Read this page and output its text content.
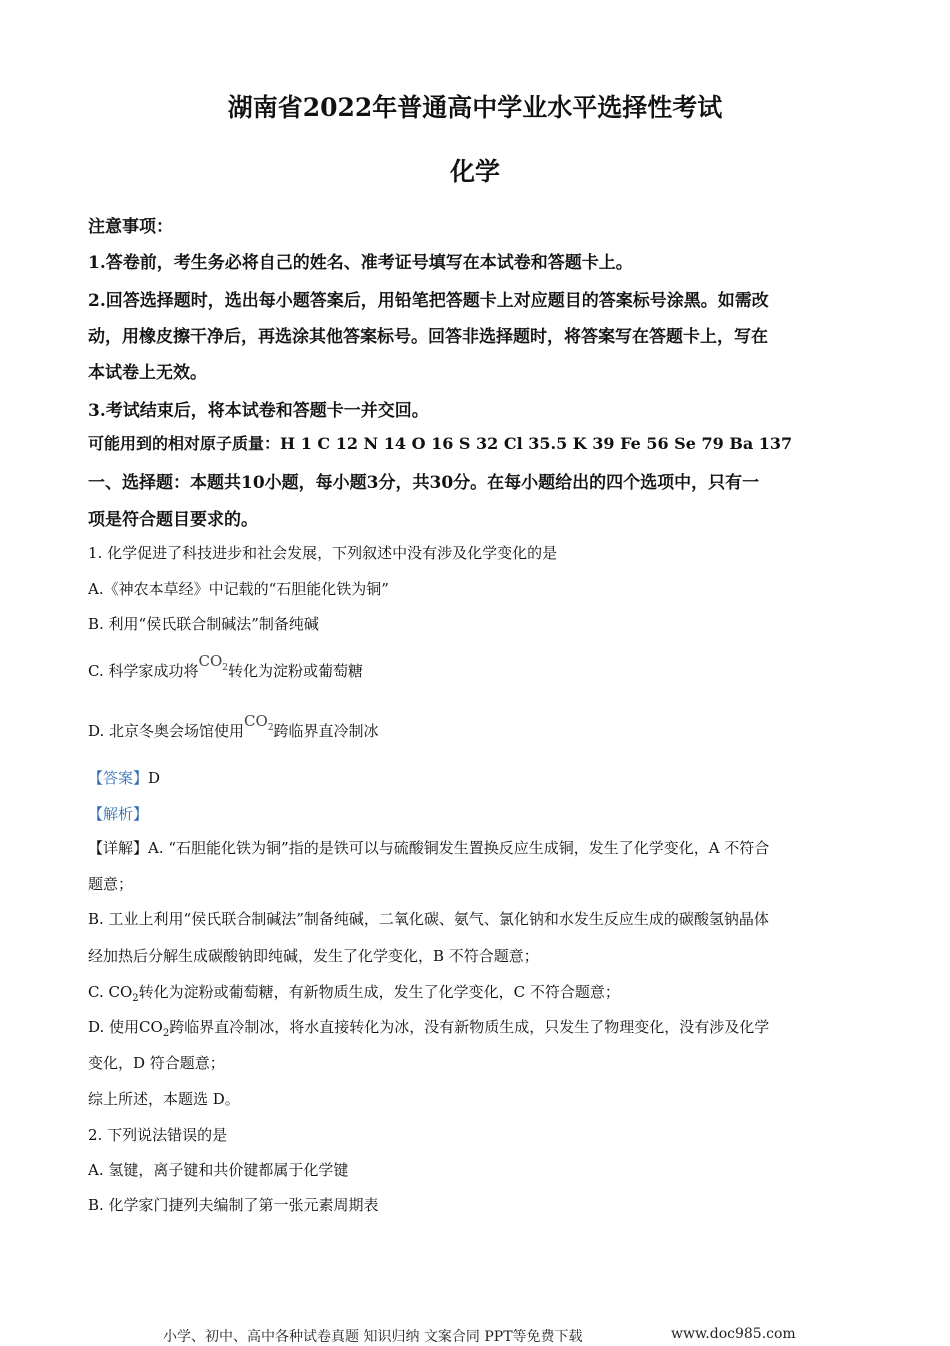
湖南省2022年普通高中学业水平选择性考试
化学
注意事项：
1.答卷前，考生务必将自己的姓名、准考证号填写在本试卷和答题卡上。
2.回答选择题时，选出每小题答案后，用铅笔把答题卡上对应题目的答案标号涂黑。如需改
动，用橡皮擦干净后，再选涂其他答案标号。回答非选择题时，将答案写在答题卡上，写在
本试卷上无效。
3.考试结束后，将本试卷和答题卡一并交回。
可能用到的相对原子质量：H 1 C 12 N 14 O 16 S 32 Cl 35.5 K 39 Fe 56 Se 79 Ba 137
一、选择题：本题共10小题，每小题3分，共30分。在每小题给出的四个选项中，只有一
项是符合题目要求的。
1. 化学促进了科技进步和社会发展，下列叙述中没有涉及化学变化的是
A.《神农本草经》中记载的“石胆能化铁为铜”
B. 利用“侯氏联合制碱法”制备纯碱
C. 科学家成功将$CO_2$转化为淀粉或葡萄糖
D. 北京冬奥会场馆使用$CO_2$跨临界直冷制冰
【答案】D
【解析】
【详解】A. “石胆能化铁为铜”指的是铁可以与硫酸铜发生置换反应生成铜，发生了化学变化，A 不符合
题意；
B. 工业上利用“侯氏联合制碱法”制备纯碱，二氧化碳、氨气、氯化钠和水发生反应生成的碳酸氢钠晶体
经加热后分解生成碳酸钠即纯碱，发生了化学变化，B 不符合题意；
C. $CO_2$转化为淀粉或葡萄糖，有新物质生成，发生了化学变化，C 不符合题意；
D. 使用$CO_2$跨临界直冷制冰，将水直接转化为冰，没有新物质生成，只发生了物理变化，没有涉及化学
变化，D 符合题意；
综上所述，本题选 D。
2. 下列说法错误的是
A. 氢键，离子键和共价键都属于化学键
B. 化学家门捷列夫编制了第一张元素周期表
小学、初中、高中各种试卷真题 知识归纳 文案合同 PPT等免费下载	www.doc985.com
